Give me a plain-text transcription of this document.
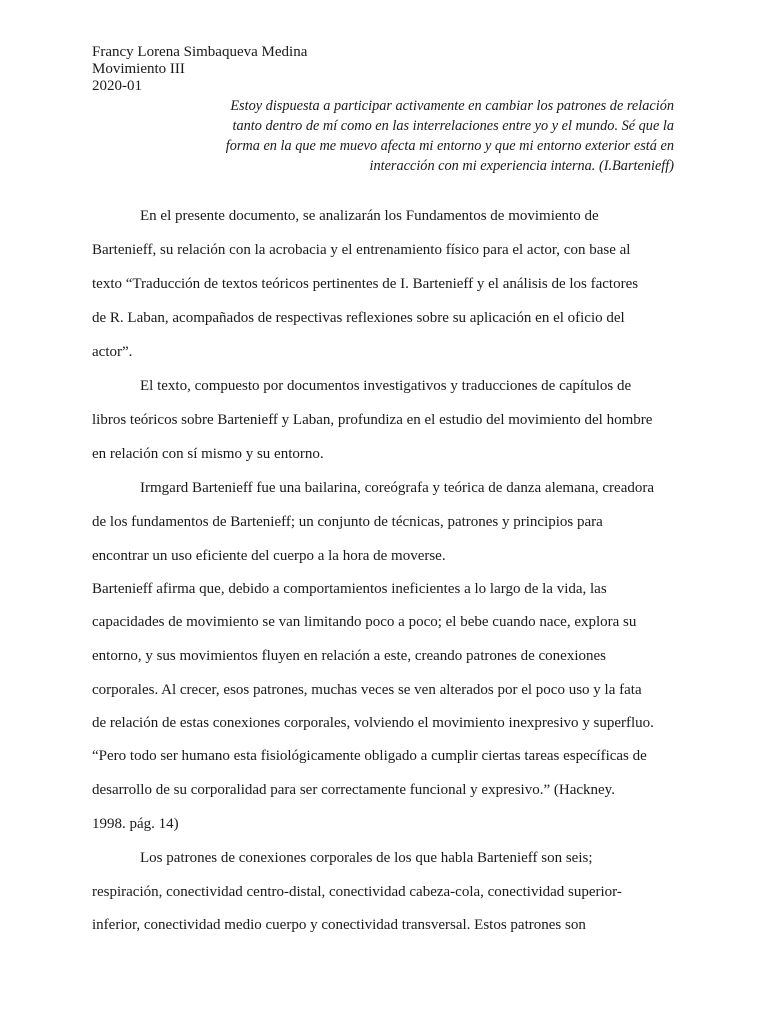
Francy Lorena Simbaqueva Medina
Movimiento III
2020-01
Estoy dispuesta a participar activamente en cambiar los patrones de relación
tanto dentro de mí como en las interrelaciones entre yo y el mundo. Sé que la
forma en la que me muevo afecta mi entorno y que mi entorno exterior está en
interacción con mi experiencia interna. (I.Bartenieff)
En el presente documento, se analizarán los Fundamentos de movimiento de
Bartenieff, su relación con la acrobacia y el entrenamiento físico para el actor, con base al
texto “Traducción de textos teóricos pertinentes de I. Bartenieff y el análisis de los factores
de R. Laban, acompañados de respectivas reflexiones sobre su aplicación en el oficio del
actor”.
El texto, compuesto por documentos investigativos y traducciones de capítulos de
libros teóricos sobre Bartenieff y Laban, profundiza en el estudio del movimiento del hombre
en relación con sí mismo y su entorno.
Irmgard Bartenieff fue una bailarina, coreógrafa y teórica de danza alemana, creadora
de los fundamentos de Bartenieff; un conjunto de técnicas, patrones y principios para
encontrar un uso eficiente del cuerpo a la hora de moverse.
Bartenieff afirma que, debido a comportamientos ineficientes a lo largo de la vida, las
capacidades de movimiento se van limitando poco a poco; el bebe cuando nace, explora su
entorno, y sus movimientos fluyen en relación a este, creando patrones de conexiones
corporales. Al crecer, esos patrones, muchas veces se ven alterados por el poco uso y la fata
de relación de estas conexiones corporales, volviendo el movimiento inexpresivo y superfluo.
“Pero todo ser humano esta fisiológicamente obligado a cumplir ciertas tareas específicas de
desarrollo de su corporalidad para ser correctamente funcional y expresivo.” (Hackney.
1998. pág. 14)
Los patrones de conexiones corporales de los que habla Bartenieff son seis;
respiración, conectividad centro-distal, conectividad cabeza-cola, conectividad superior-
inferior, conectividad medio cuerpo y conectividad transversal. Estos patrones son
